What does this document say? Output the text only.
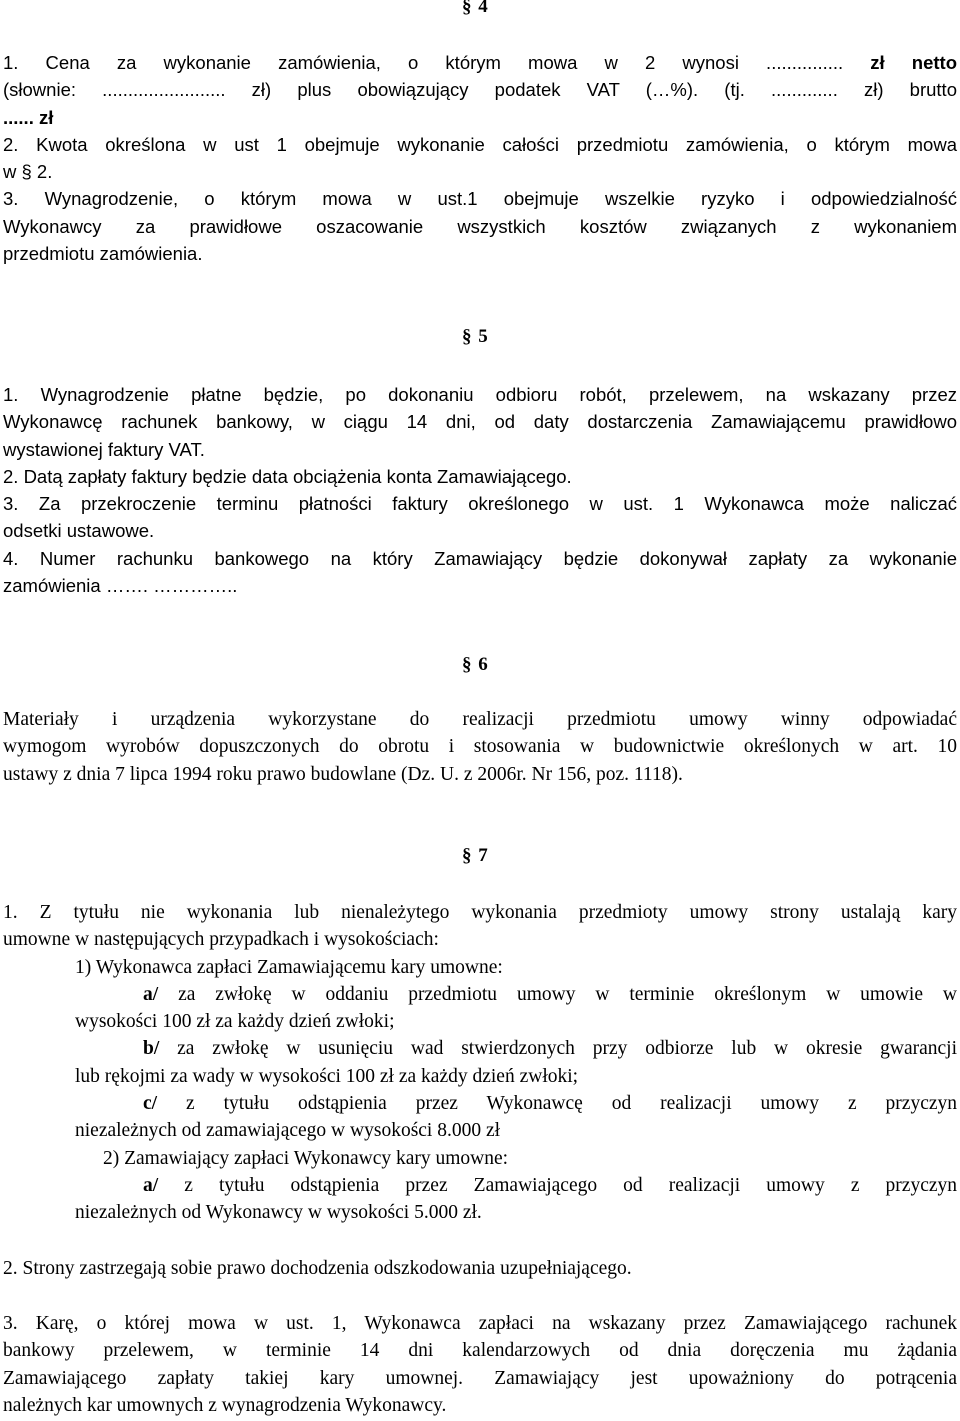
§ 4
1. Cena za wykonanie zamówienia, o którym mowa w 2 wynosi ............... zł netto
(słownie: ........................ zł) plus obowiązujący podatek VAT (…%). (tj. ............. zł) brutto
...... zł
2. Kwota określona w ust 1 obejmuje wykonanie całości przedmiotu zamówienia, o którym mowa
w § 2.
3. Wynagrodzenie, o którym mowa w ust.1 obejmuje wszelkie ryzyko i odpowiedzialność
Wykonawcy za prawidłowe oszacowanie wszystkich kosztów związanych z wykonaniem
przedmiotu zamówienia.
§ 5
1. Wynagrodzenie płatne będzie, po dokonaniu odbioru robót, przelewem, na wskazany przez
Wykonawcę rachunek bankowy, w ciągu 14 dni, od daty dostarczenia Zamawiającemu prawidłowo
wystawionej faktury VAT.
2. Datą zapłaty faktury będzie data obciążenia konta Zamawiającego.
3. Za przekroczenie terminu płatności faktury określonego w ust. 1 Wykonawca może naliczać
odsetki ustawowe.
4. Numer rachunku bankowego na który Zamawiający będzie dokonywał zapłaty za wykonanie
zamówienia ……. …………..
§ 6
Materiały i urządzenia wykorzystane do realizacji przedmiotu umowy winny odpowiadać
wymogom wyrobów dopuszczonych do obrotu i stosowania w budownictwie określonych w art. 10
ustawy z dnia 7 lipca 1994 roku prawo budowlane (Dz. U. z 2006r. Nr 156, poz. 1118).
§ 7
1. Z tytułu nie wykonania lub nienależytego wykonania przedmioty umowy strony ustalają kary
umowne w następujących przypadkach i wysokościach:
1) Wykonawca zapłaci Zamawiającemu kary umowne:
a/ za zwłokę w oddaniu przedmiotu umowy w terminie określonym w umowie w
wysokości 100 zł za każdy dzień zwłoki;
b/ za zwłokę w usunięciu wad stwierdzonych przy odbiorze lub w okresie gwarancji
lub rękojmi za wady w wysokości 100 zł za każdy dzień zwłoki;
c/ z tytułu odstąpienia przez Wykonawcę od realizacji umowy z przyczyn
niezależnych od zamawiającego w wysokości 8.000 zł
2) Zamawiający zapłaci Wykonawcy kary umowne:
a/ z tytułu odstąpienia przez Zamawiającego od realizacji umowy z przyczyn
niezależnych od Wykonawcy w wysokości 5.000 zł.
2. Strony zastrzegają sobie prawo dochodzenia odszkodowania uzupełniającego.
3. Karę, o której mowa w ust. 1, Wykonawca zapłaci na wskazany przez Zamawiającego rachunek
bankowy przelewem, w terminie 14 dni kalendarzowych od dnia doręczenia mu żądania
Zamawiającego zapłaty takiej kary umownej. Zamawiający jest upoważniony do potrącenia
należnych kar umownych z wynagrodzenia Wykonawcy.
